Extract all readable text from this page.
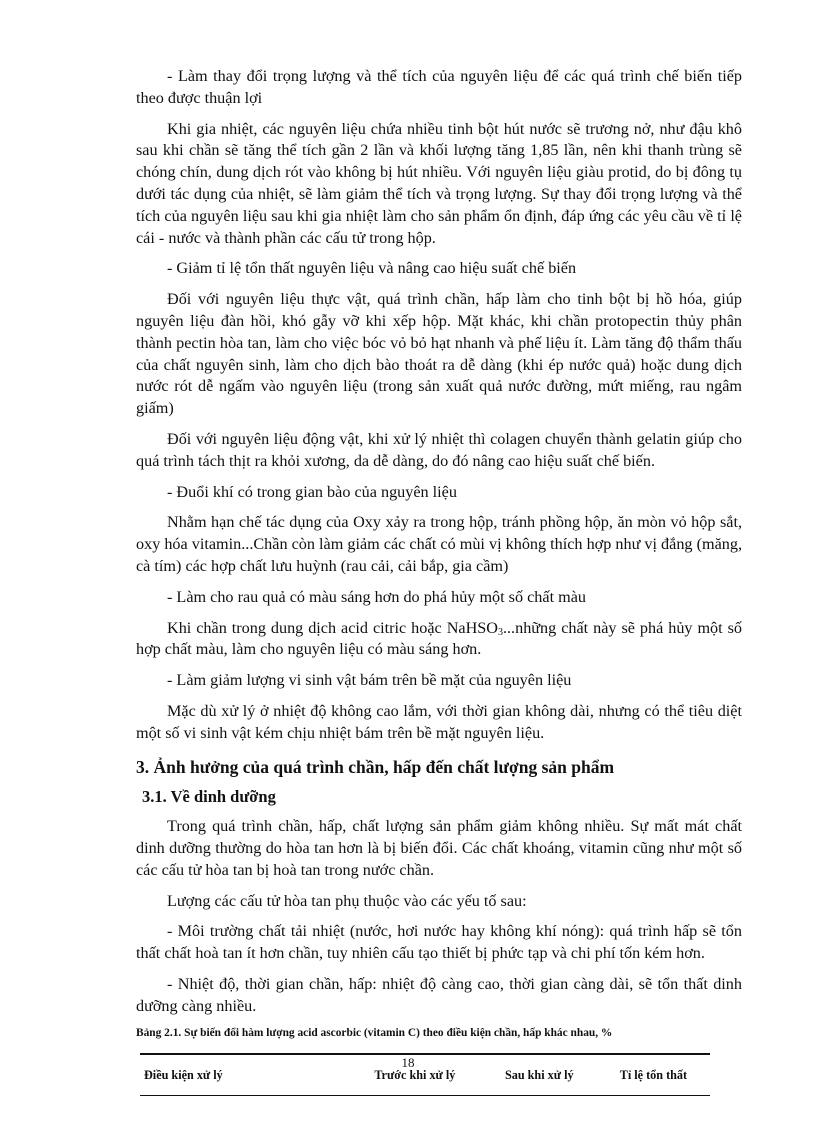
- Làm thay đổi trọng lượng và thể tích của nguyên liệu để các quá trình chế biến tiếp theo được thuận lợi

Khi gia nhiệt, các nguyên liệu chứa nhiều tinh bột hút nước sẽ trương nở, như đậu khô sau khi chần sẽ tăng thể tích gần 2 lần và khối lượng tăng 1,85 lần, nên khi thanh trùng sẽ chóng chín, dung dịch rót vào không bị hút nhiều. Với nguyên liệu giàu protid, do bị đông tụ dưới tác dụng của nhiệt, sẽ làm giảm thể tích và trọng lượng. Sự thay đổi trọng lượng và thể tích của nguyên liệu sau khi gia nhiệt làm cho sản phẩm ổn định, đáp ứng các yêu cầu về tỉ lệ cái - nước và thành phần các cấu tử trong hộp.

- Giảm tỉ lệ tổn thất nguyên liệu và nâng cao hiệu suất chế biến

Đối với nguyên liệu thực vật, quá trình chần, hấp làm cho tinh bột bị hồ hóa, giúp nguyên liệu đàn hồi, khó gẫy vỡ khi xếp hộp. Mặt khác, khi chần protopectin thủy phân thành pectin hòa tan, làm cho việc bóc vỏ bỏ hạt nhanh và phế liệu ít. Làm tăng độ thẩm thấu của chất nguyên sinh, làm cho dịch bào thoát ra dễ dàng (khi ép nước quả) hoặc dung dịch nước rót dễ ngấm vào nguyên liệu (trong sản xuất quả nước đường, mứt miếng, rau ngâm giấm)

Đối với nguyên liệu động vật, khi xử lý nhiệt thì colagen chuyển thành gelatin giúp cho quá trình tách thịt ra khỏi xương, da dễ dàng, do đó nâng cao hiệu suất chế biến.

- Đuổi khí có trong gian bào của nguyên liệu

Nhằm hạn chế tác dụng của Oxy xảy ra trong hộp, tránh phồng hộp, ăn mòn vỏ hộp sắt, oxy hóa vitamin...Chần còn làm giảm các chất có mùi vị không thích hợp như vị đắng (măng, cà tím) các hợp chất lưu huỳnh (rau cải, cải bắp, gia cầm)

- Làm cho rau quả có màu sáng hơn do phá hủy một số chất màu

Khi chần trong dung dịch acid citric hoặc NaHSO$_3$...những chất này sẽ phá hủy một số hợp chất màu, làm cho nguyên liệu có màu sáng hơn.

- Làm giảm lượng vi sinh vật bám trên bề mặt của nguyên liệu

Mặc dù xử lý ở nhiệt độ không cao lắm, với thời gian không dài, nhưng có thể tiêu diệt một số vi sinh vật kém chịu nhiệt bám trên bề mặt nguyên liệu.

3. Ảnh hưởng của quá trình chần, hấp đến chất lượng sản phẩm
3.1. Về dinh dưỡng

Trong quá trình chần, hấp, chất lượng sản phẩm giảm không nhiều. Sự mất mát chất dinh dưỡng thường do hòa tan hơn là bị biến đổi. Các chất khoáng, vitamin cũng như một số các cấu tử hòa tan bị hoà tan trong nước chần.

Lượng các cấu tử hòa tan phụ thuộc vào các yếu tố sau:

- Môi trường chất tải nhiệt (nước, hơi nước hay không khí nóng): quá trình hấp sẽ tổn thất chất hoà tan ít hơn chần, tuy nhiên cấu tạo thiết bị phức tạp và chi phí tốn kém hơn.

- Nhiệt độ, thời gian chần, hấp: nhiệt độ càng cao, thời gian càng dài, sẽ tổn thất dinh dưỡng càng nhiều.

Bảng 2.1. Sự biến đổi hàm lượng acid ascorbic (vitamin C) theo điều kiện chần, hấp khác nhau, %
Điều kiện xử lý	Trước khi xử lý	Sau khi xử lý	Tỉ lệ tổn thất
18
